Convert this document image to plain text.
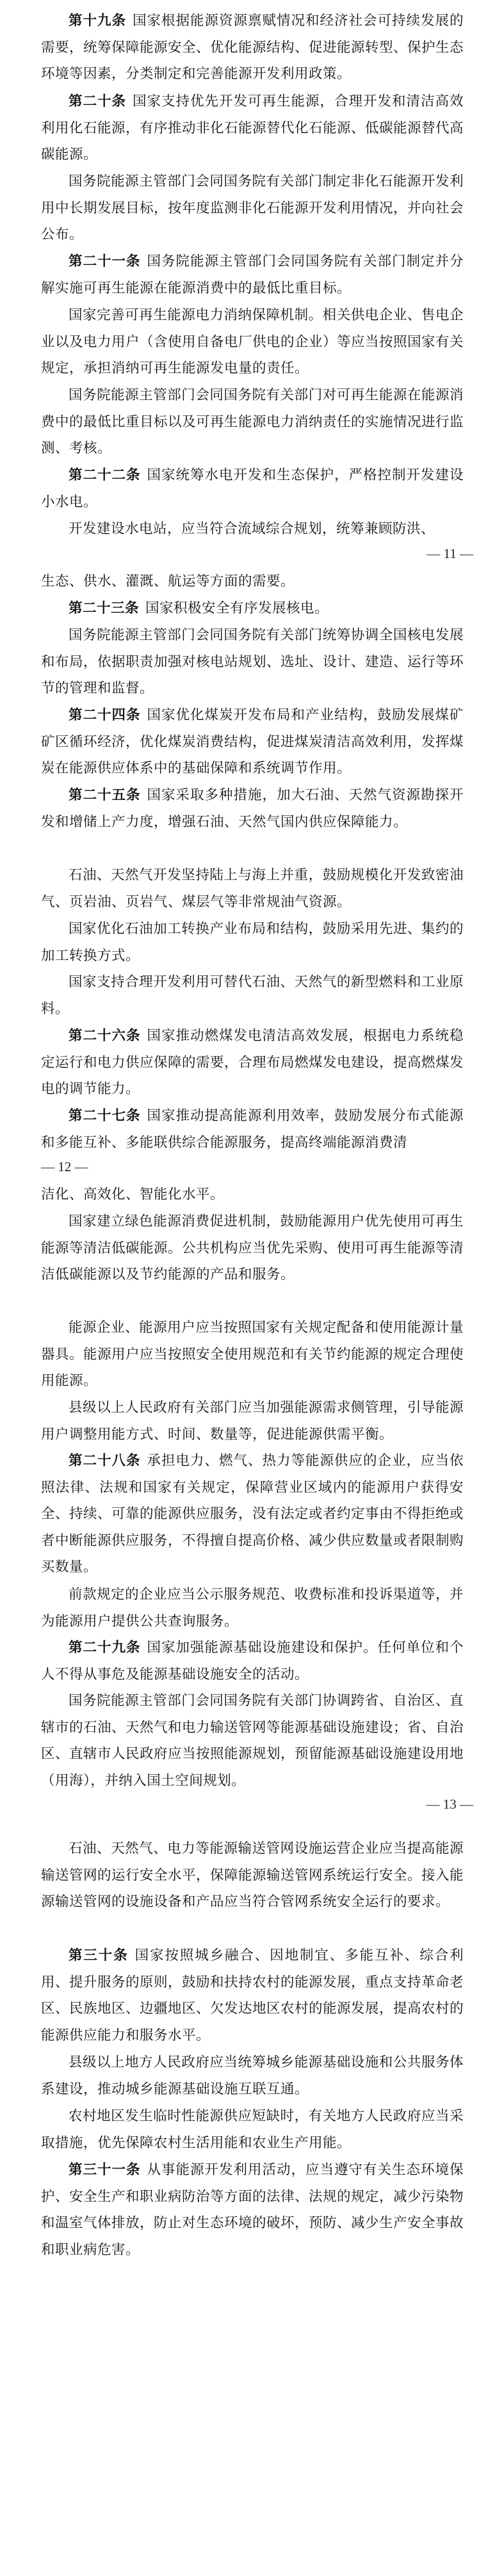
第十九条 国家根据能源资源禀赋情况和经济社会可持续发展的需要，统筹保障能源安全、优化能源结构、促进能源转型、保护生态环境等因素，分类制定和完善能源开发利用政策。

第二十条 国家支持优先开发可再生能源，合理开发和清洁高效利用化石能源，有序推动非化石能源替代化石能源、低碳能源替代高碳能源。

国务院能源主管部门会同国务院有关部门制定非化石能源开发利用中长期发展目标，按年度监测非化石能源开发利用情况，并向社会公布。

第二十一条 国务院能源主管部门会同国务院有关部门制定并分解实施可再生能源在能源消费中的最低比重目标。

国家完善可再生能源电力消纳保障机制。相关供电企业、售电企业以及电力用户（含使用自备电厂供电的企业）等应当按照国家有关规定，承担消纳可再生能源发电量的责任。

国务院能源主管部门会同国务院有关部门对可再生能源在能源消费中的最低比重目标以及可再生能源电力消纳责任的实施情况进行监测、考核。

第二十二条 国家统筹水电开发和生态保护，严格控制开发建设小水电。

开发建设水电站，应当符合流域综合规划，统筹兼顾防洪、

— 11 —

生态、供水、灌溉、航运等方面的需要。

第二十三条 国家积极安全有序发展核电。

国务院能源主管部门会同国务院有关部门统筹协调全国核电发展和布局，依据职责加强对核电站规划、选址、设计、建造、运行等环节的管理和监督。

第二十四条 国家优化煤炭开发布局和产业结构，鼓励发展煤矿矿区循环经济，优化煤炭消费结构，促进煤炭清洁高效利用，发挥煤炭在能源供应体系中的基础保障和系统调节作用。

第二十五条 国家采取多种措施，加大石油、天然气资源勘探开发和增储上产力度，增强石油、天然气国内供应保障能力。

石油、天然气开发坚持陆上与海上并重，鼓励规模化开发致密油气、页岩油、页岩气、煤层气等非常规油气资源。

国家优化石油加工转换产业布局和结构，鼓励采用先进、集约的加工转换方式。

国家支持合理开发利用可替代石油、天然气的新型燃料和工业原料。

第二十六条 国家推动燃煤发电清洁高效发展，根据电力系统稳定运行和电力供应保障的需要，合理布局燃煤发电建设，提高燃煤发电的调节能力。

第二十七条 国家推动提高能源利用效率，鼓励发展分布式能源和多能互补、多能联供综合能源服务，提高终端能源消费清

— 12 —

洁化、高效化、智能化水平。

国家建立绿色能源消费促进机制，鼓励能源用户优先使用可再生能源等清洁低碳能源。公共机构应当优先采购、使用可再生能源等清洁低碳能源以及节约能源的产品和服务。

能源企业、能源用户应当按照国家有关规定配备和使用能源计量器具。能源用户应当按照安全使用规范和有关节约能源的规定合理使用能源。

县级以上人民政府有关部门应当加强能源需求侧管理，引导能源用户调整用能方式、时间、数量等，促进能源供需平衡。

第二十八条 承担电力、燃气、热力等能源供应的企业，应当依照法律、法规和国家有关规定，保障营业区域内的能源用户获得安全、持续、可靠的能源供应服务，没有法定或者约定事由不得拒绝或者中断能源供应服务，不得擅自提高价格、减少供应数量或者限制购买数量。

前款规定的企业应当公示服务规范、收费标准和投诉渠道等，并为能源用户提供公共查询服务。

第二十九条 国家加强能源基础设施建设和保护。任何单位和个人不得从事危及能源基础设施安全的活动。

国务院能源主管部门会同国务院有关部门协调跨省、自治区、直辖市的石油、天然气和电力输送管网等能源基础设施建设；省、自治区、直辖市人民政府应当按照能源规划，预留能源基础设施建设用地（用海），并纳入国土空间规划。

— 13 —

石油、天然气、电力等能源输送管网设施运营企业应当提高能源输送管网的运行安全水平，保障能源输送管网系统运行安全。接入能源输送管网的设施设备和产品应当符合管网系统安全运行的要求。

第三十条 国家按照城乡融合、因地制宜、多能互补、综合利用、提升服务的原则，鼓励和扶持农村的能源发展，重点支持革命老区、民族地区、边疆地区、欠发达地区农村的能源发展，提高农村的能源供应能力和服务水平。

县级以上地方人民政府应当统筹城乡能源基础设施和公共服务体系建设，推动城乡能源基础设施互联互通。

农村地区发生临时性能源供应短缺时，有关地方人民政府应当采取措施，优先保障农村生活用能和农业生产用能。

第三十一条 从事能源开发利用活动，应当遵守有关生态环境保护、安全生产和职业病防治等方面的法律、法规的规定，减少污染物和温室气体排放，防止对生态环境的破坏，预防、减少生产安全事故和职业病危害。
